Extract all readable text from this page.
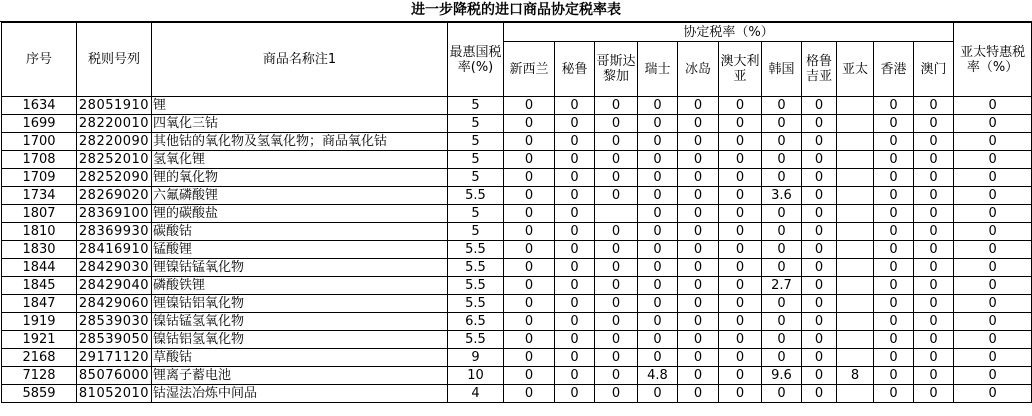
进一步降税的进口商品协定税率表
序号	税则号列	商品名称注1	最惠国税率(%)	协定税率（%）											亚太特惠税率（%）
				新西兰	秘鲁	哥斯达黎加	瑞士	冰岛	澳大利亚	韩国	格鲁吉亚	亚太	香港	澳门	
1634	28051910	锂	5	0	0	0	0	0	0	0	0		0	0	0
1699	28220010	四氧化三钴	5	0	0	0	0	0	0	0	0		0	0	0
1700	28220090	其他钴的氧化物及氢氧化物；商品氧化钴	5	0	0	0	0	0	0	0	0		0	0	0
1708	28252010	氢氧化锂	5	0	0	0	0	0	0	0	0		0	0	0
1709	28252090	锂的氧化物	5	0	0	0	0	0	0	0	0		0	0	0
1734	28269020	六氟磷酸锂	5.5	0	0	0	0	0	0	3.6	0		0	0	0
1807	28369100	锂的碳酸盐	5	0	0		0	0	0	0	0		0	0	0
1810	28369930	碳酸钴	5	0	0	0	0	0	0	0	0		0	0	0
1830	28416910	锰酸锂	5.5	0	0	0	0	0	0	0	0		0	0	0
1844	28429030	锂镍钴锰氧化物	5.5	0	0	0	0	0	0	0	0		0	0	0
1845	28429040	磷酸铁锂	5.5	0	0	0	0	0	0	2.7	0		0	0	0
1847	28429060	锂镍钴铝氧化物	5.5	0	0	0	0	0	0	0	0		0	0	0
1919	28539030	镍钴锰氢氧化物	6.5	0	0	0	0	0	0	0	0		0	0	0
1921	28539050	镍钴铝氢氧化物	5.5	0	0	0	0	0	0	0	0		0	0	0
2168	29171120	草酸钴	9	0	0	0	0	0	0	0	0		0	0	0
7128	85076000	锂离子蓄电池	10	0	0	0	4.8	0	0	9.6	0	8	0	0	0
5859	81052010	钴湿法冶炼中间品	4	0	0	0	0	0	0	0	0		0	0	0
